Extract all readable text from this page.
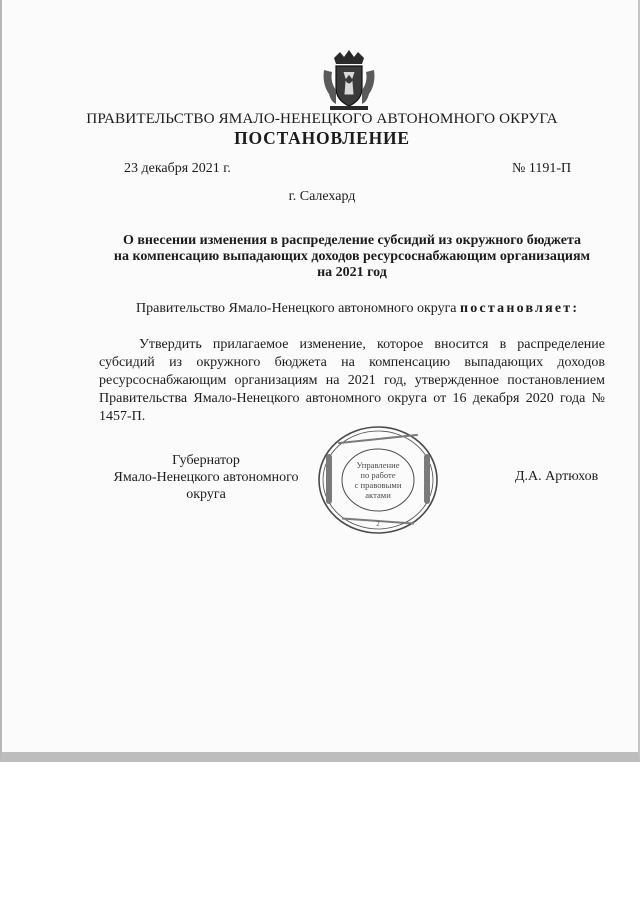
ПРАВИТЕЛЬСТВО ЯМАЛО-НЕНЕЦКОГО АВТОНОМНОГО ОКРУГА
ПОСТАНОВЛЕНИЕ
23 декабря 2021 г.	№ 1191-П
г. Салехард
О внесении изменения в распределение субсидий из окружного бюджета
на компенсацию выпадающих доходов ресурсоснабжающим организациям
на 2021 год
Правительство Ямало-Ненецкого автономного округа постановляет:
Утвердить прилагаемое изменение, которое вносится в распределение субсидий из окружного бюджета на компенсацию выпадающих доходов ресурсоснабжающим организациям на 2021 год, утвержденное постановлением Правительства Ямало-Ненецкого автономного округа от 16 декабря 2020 года № 1457-П.
Губернатор
Ямало-Ненецкого автономного округа
Д.А. Артюхов
2
Управление
по работе
с правовыми
актами
